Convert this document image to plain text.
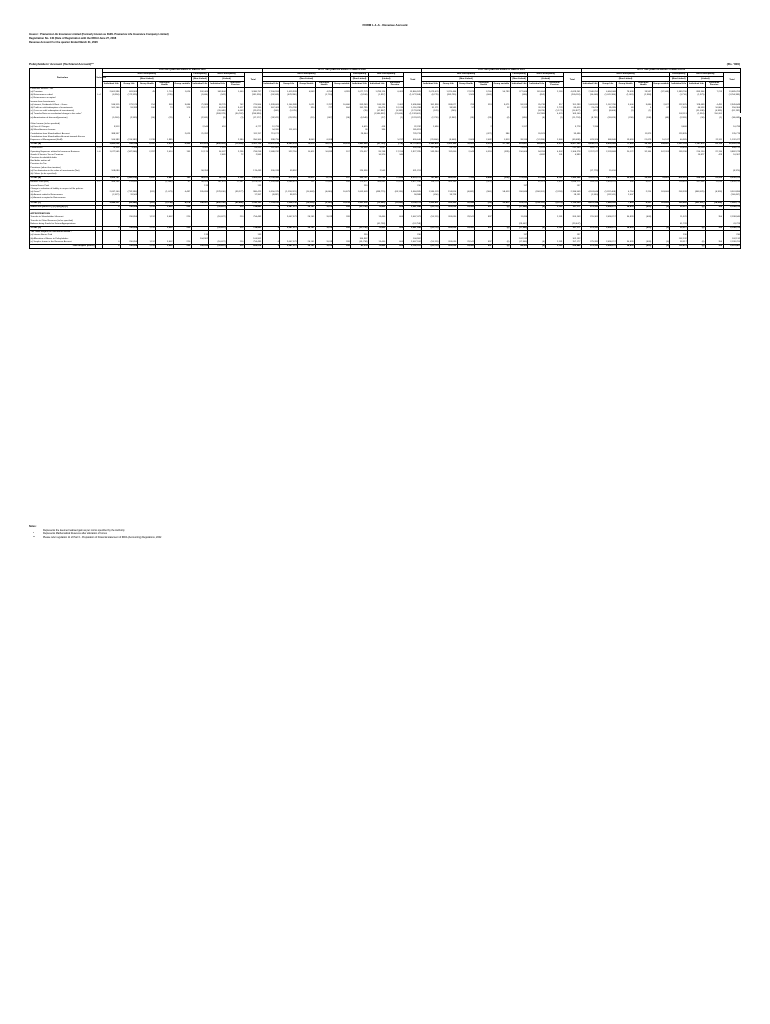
FORM L-1-A - Revenue Account
Insurer : Pramerica Life Insurance Limited (Formerly known as DHFL Pramerica Life Insurance Company Limited)
Registration No. 140 (Date of Registration with the IRDAI June 27, 2008
Revenue Account For the quarter Ended March 31, 2020
Policyholders' Account (Technical Account)**	(Rs. '000)
Particulars	Schedule	FOR THE QUARTER ENDED 31 MARCH 2020									UPTO THE QUARTER ENDED 31 MARCH 2020									FOR THE QUARTER ENDED 31 MARCH 2019									UPTO THE QUARTER ENDED 31 MARCH 2019								
		Non-Participating					Participating	Non-Participating		Total	Non-Participating					Participating	Non-Participating		Total	Non-Participating					Participating	Non-Participating		Total	Non-Participating					Participating	Non-Participating		Total
		(Non-Linked)					(Non-Linked)	(Linked)			(Non-Linked)					(Non-Linked)	(Linked)			(Non-Linked)					(Non-Linked)	(Linked)			(Non-Linked)					(Non-Linked)	(Linked)		
		Individual Life	Group Life	Group Health	Individual Health	Group variable	Individual Life	Individual Life	Individual Pension		Individual Life	Group Life	Group Health	Individual Health	Group variable	Individual Life	Individual Life	Individual Pension		Individual Life	Group Life	Group Health	Individual Health	Group variable	Individual Life	Individual Life	Individual Pension		Individual Life	Group Life	Group Health	Individual Health	Group variable	Individual Life	Individual Life	Individual Pension	
Premiums earned – net																																					
(a) Premium		2,601,996	463,905	45	1,710	1,026	202,409	509,844	1,400	3,380,757	7,200,553	1,419,933	4,803	4,255	4,991	1,077,773	1,788,124	6,463	13,860,529	2,079,070	1,225,464	27,873	3,760	54,793	377,066	161,404	2,180	4,029,201	7,340,251	4,084,068	78,638	19,537	(37,568)	1,389,790	893,364	7,213	13,685,763
(b) Reinsurance ceded	L-4	(8,350)	(172,329)		(235)		(1,664)	(942)		(181,326)	(26,559)	(678,390)		(1,710)		(3,108)	(1,927)		(1,077,558)	(8,776)	(209,795)	1,565	(600)		(536)	(652)		(205,118)	(34,048)	(1,070,380)	(1,081)	(2,384)		(1,710)	(1,975)		(1,254,385)
(c) Reinsurance accepted																																					
Income from Investments																																					
(a) Interest, Dividends & Rent – Gross		536,315	273,575	214	309	3,084	71,989	38,725	702	725,904	1,939,663	1,144,989	1,021	2,767	10,460	209,249	186,195	2,462	3,496,806	351,958	268,677	783	319	3,071	59,313	35,738	917	701,293	1,463,091	1,167,780	3,006	3,680	2,627	122,625	128,689	4,491	2,945,848
(b) Profit on sale/redemption of investments		161,164	53,393	180	73	373	21,127	40,203	3,417	220,390	567,403	270,738	320	727	604	152,795	80,476	12,744	1,116,298	31,171	38,585	57		52	2,312	26,113	2,729	85,413	23,470	85,285	69	6	67	7,005	66,553	10,864	250,364
(c) (Loss on sale/ redemption of investments)								(20,440)	4,003	(22,070)	(941)	(1,075)				(35)	(57,867)	(5,392)	(172,626)	(570)	(245)					(3,674)	(1,171)	(14,877)	(377)	(8,000)	(1)	(1)			(51,036)	(4,935)	(81,192)
(d) Transfer/Gain on revaluation/change in fair value*								(909,373)	(30,762)	(256,990)							(1,580,952)	(21,006)	(1,132,601)							107,969	4,570	103,140						102,113	(1,916)	110,201	
(e) Amortisation of discount/(premium)		(5,240)	(2,359)	(14)	(29)	4	(2,553)	(9)	(3)	(17,177)	(19,522)	(29,325)	(51)	(107)	(16)	(6,546)	(27)	(1)	(122,817)	(2,720)	(2,362)	(18)	(28)	(4)	(534)	(6)	(1)	(11,753)	(8,751)	(26,625)	(236)	(108)	(48)	(2,320)	(30)	(1)	(36,049)

Other Income (to be specified)																																					
(a) Fees & Charges		3,913					2,546	418		6,777	12,793					6,615	418		22,232	2,496			2		1,317			3,778	7,330					3,468			10,798
(b) Miscellaneous Income											54,320	111,070				26	336		165,813																		
Contribution from Shareholders' Account		388,357				2,025	21,282			311,707	713,271					28,544			729,733				(427)	384		20,523		33,496				11,873		123,835			135,778
Contribution from Shareholders Account towards Excess																																					
Expenses of Management (EoM)		164,383	(210,382)	2,239	1,985				2,380	350,300	398,755		8,803	6,208				5,237	630,440	(78,800)	(8,048)	2,669	2,482	1,813	39,195	(12,284)	2,546	(59,698)	429,324	568,846	19,659	21,673	10,517	40,365		22,311	1,132,477
TOTAL (A)		3,493,028	399,524	2,767	3,615	6,969	411,470	(405,263)	(10,269)	3,301,136	10,531,814	4,065,274	15,573	20,271	20,233	1,493,043	(51,703)	(778)	16,770,474	2,285,405	1,303,360	32,021	6,574	57,708	476,667	280,423	6,573	4,507,299	8,636,371	4,602,565	71,650	38,165	258,687	1,551,129	1,187,875	69,120	22,320,196
Commission	L-5	79,324	4,363		37		4,985	1,314		89,963	287,867	14,566		346		64,568	4,687		390,036	187,986	26,753	309	771		13,423	2,141		231,383	469,717	286,122	1,615	7,944		10,443	11,090		808,270
Operating Expenses related to Insurance Business	L-6	1,077,565	(347,966)	2,297	2,410	193	12,176	54,027	2,236	794,258	2,088,232	522,750	10,611	10,839	517	170,517	95,748	17,314	2,977,295	539,284	112,050	2,043	4,353	(395)	150,000	94,318	4,302	1,106,278	2,767,577	2,128,668	20,172	32,164	347,203	159,196	210,150	22,130	3,882,278
Goods & Service Tax on Premium								2,681	72	2,963							10,370	340								4,692	101	4,993							15,877	429	16,307
Provision for doubtful debts																																					
Bad debts written off																																					
Provision for Tax																																					
Provisions (other than taxation)																																					
(a) For diminution in the value of investments (Net)		108,080					58,353			176,433	330,319	59,852				124,536	2,543		521,213										(17,779)	15,410							(8,370)
(b) Others (to be specified)																																					
TOTAL (B)		1,265,797	(343,614)	2,297	2,447	193	86,413	58,722	2,308	1,065,000	2,700,585	672,333	10,611	11,175	517	252,751	81,796	17,654	4,210,751	781,882	405,053	7,326	4,444	(395)	113,093	61,344	4,167	1,382,306	3,002,516	2,411,376	26,020	39,930	18,451	416,925	226,028	22,559	5,230,763
Benefits Paid (Net)	L-7	586,104	178,851		(1,080)	87	50,203	181,423	17,567	1,079,255	1,599,846	2,086,873	121	22,846	449	175,477	384,483	57,814	3,877,298	118,773	903,189		(321)			67,573	2,022	1,098,171	353,151	2,093,225	356	4,017		118,801	287,466	11,030	2,839,792
Interim Bonus Paid							133			133						230			230						137			137									
Change in valuation of liability in respect of life policies																																					
(a) Gross**		2,037,140	(732,394)	(911)	(1,073)	4,487	205,694	(278,610)	(39,277)	980,423	6,550,375	(1,159,321)	(14,448)	(4,600)	10,673	1,003,049	(438,775)	(63,130)	5,564,595	1,596,123	153,814	(4,862)	(900)	58,413	200,844	(206,201)	(2,318)	2,336,549	4,524,646	(1,337,408)	4,754	2,214	163,600	203,339	(863,025)	(6,918)	3,301,894
(b) Amount ceded in Reinsurance		(2,072)	19,563							17,357	(3,897)	98,325							94,588	(450)	18,728							18,131	(1,550)	(111,511)	2,007						(110,657)
(c) Amount accepted in Reinsurance																																					
TOTAL (C)		2,040,231	(85,484)	(911)	(2,134)	4,574	106,507	(492,150)	(85,440)	1,140,163	7,114,915	1,034,130	(14,355)	(3,353)	10,214	1,501,355	(15,562)	(11,060)	9,150,113	1,500,897	202,305	20,545	(52)	53,413	378,761	(120,311)	(5,313)	3,130,000	4,876,398	1,640,505	7,414	8,231	163,600	300,660	(901,957)	(14,824)	1,260,775
SURPLUS/ (DEFICIT) (D) =(A)-(B)-(C)		0	766,854	1,112	3,602	220		(16,627)	210	754,483	0	2,047,573	26,161	9,619	209	(61,758)	13,460	664	2,047,244	(53,111)	203,030	29,541	897	(0)	(17,906)	(0)	2,181	157,177	275,391	2,096,217	34,839	(603)	(0)	33,517	(0)	350	2,198,705

APPROPRIATIONS																																					
Transfer to Shareholders' Account			766,854	1,112	3,602	220		(16,627)	210	754,483		2,047,573	26,161	9,619	209		13,460	664	2,047,073	(53,111)	203,030	29,541	897		11,096		2,181	205,143	215,361	2,096,217	34,839	(603)		11,576		350	2,198,940
Transfer to Other Reserves (to be specified)																																					
Balance being Funds for Future Appropriations																	(61,758)		(61,758)						(29,447)			(29,447)						41,728			41,728
TOTAL (D)		0	766,854	1,112	3,602	220		(16,627)	210	754,483	0	2,047,573	26,161	9,619	209	(61,758)	13,460	664	2,047,244	(53,111)	203,030	29,541	897	(0)	(17,906)	(0)	2,181	157,177	275,391	2,096,217	34,839	(603)	(0)	33,517	(0)	350	2,198,705
The Total Surplus as mentioned below :																																					
(a) Interim Bonus Paid							133			133						230			230						137			137						230			230
(b) Allocation of Bonus to Policyholders							104,902			104,902						104,902			104,902						102,132			102,132						102,132			102,132
(c) Surplus shown in the Revenue Account		0	766,854	1,112	3,602	220		(16,627)	210	754,483	0	2,047,573	26,161	9,619	209	(61,758)	13,460	664	2,047,244	(53,111)	203,030	29,541	897	(0)	(17,906)	(0)	2,181	157,177	275,391	2,096,217	34,839	(603)	(0)	33,517	(0)	350	2,198,705
Total Surplus (a+b+c)		0	766,854	1,112	3,602	220	105,035	(16,627)	210	859,518	0	2,047,573	26,161	9,619	209	43,374	13,460	664	2,152,376	(53,111)	203,030	29,541	897	(0)	84,363	(0)	2,181	259,446	275,391	2,096,217	34,839	(603)	(0)	135,879	(0)	350	2,301,067
Notes:
Represents the deemed realised gain as per norms specified by the Authority
*	Represents Mathematical Reserves after allocation of bonus
**	Please refer regulation 11 of Part II - Preparation of Financial statement of IRDA (Accounting) Regulations, 2002
